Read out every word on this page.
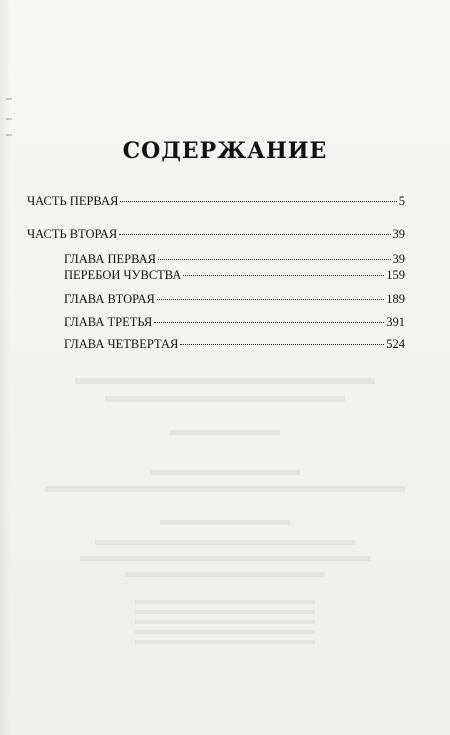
СОДЕРЖАНИЕ
ЧАСТЬ ПЕРВАЯ	5
ЧАСТЬ ВТОРАЯ	39
ГЛАВА ПЕРВАЯ	39
ПЕРЕБОИ ЧУВСТВА	159
ГЛАВА ВТОРАЯ	189
ГЛАВА ТРЕТЬЯ	391
ГЛАВА ЧЕТВЕРТАЯ	524
